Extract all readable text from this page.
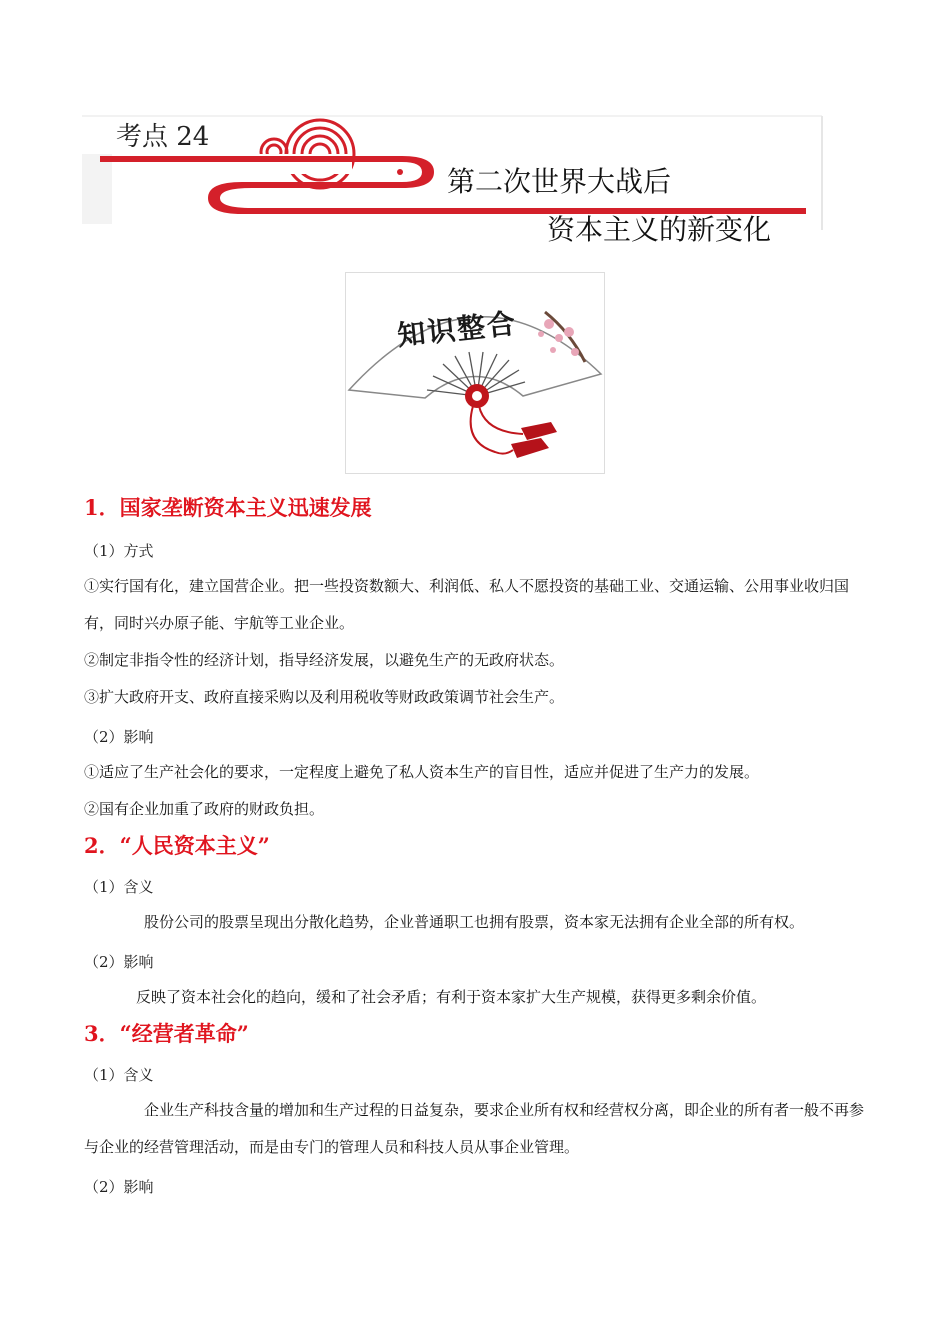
考点 24
第二次世界大战后
资本主义的新变化
知识整合
1．国家垄断资本主义迅速发展
（1）方式

①实行国有化，建立国营企业。把一些投资数额大、利润低、私人不愿投资的基础工业、交通运输、公用事业收归国有，同时兴办原子能、宇航等工业企业。

②制定非指令性的经济计划，指导经济发展，以避免生产的无政府状态。

③扩大政府开支、政府直接采购以及利用税收等财政政策调节社会生产。

（2）影响

①适应了生产社会化的要求，一定程度上避免了私人资本生产的盲目性，适应并促进了生产力的发展。

②国有企业加重了政府的财政负担。

2．“人民资本主义”
（1）含义

股份公司的股票呈现出分散化趋势，企业普通职工也拥有股票，资本家无法拥有企业全部的所有权。

（2）影响

反映了资本社会化的趋向，缓和了社会矛盾；有利于资本家扩大生产规模，获得更多剩余价值。

3．“经营者革命”
（1）含义

企业生产科技含量的增加和生产过程的日益复杂，要求企业所有权和经营权分离，即企业的所有者一般不再参与企业的经营管理活动，而是由专门的管理人员和科技人员从事企业管理。

（2）影响
